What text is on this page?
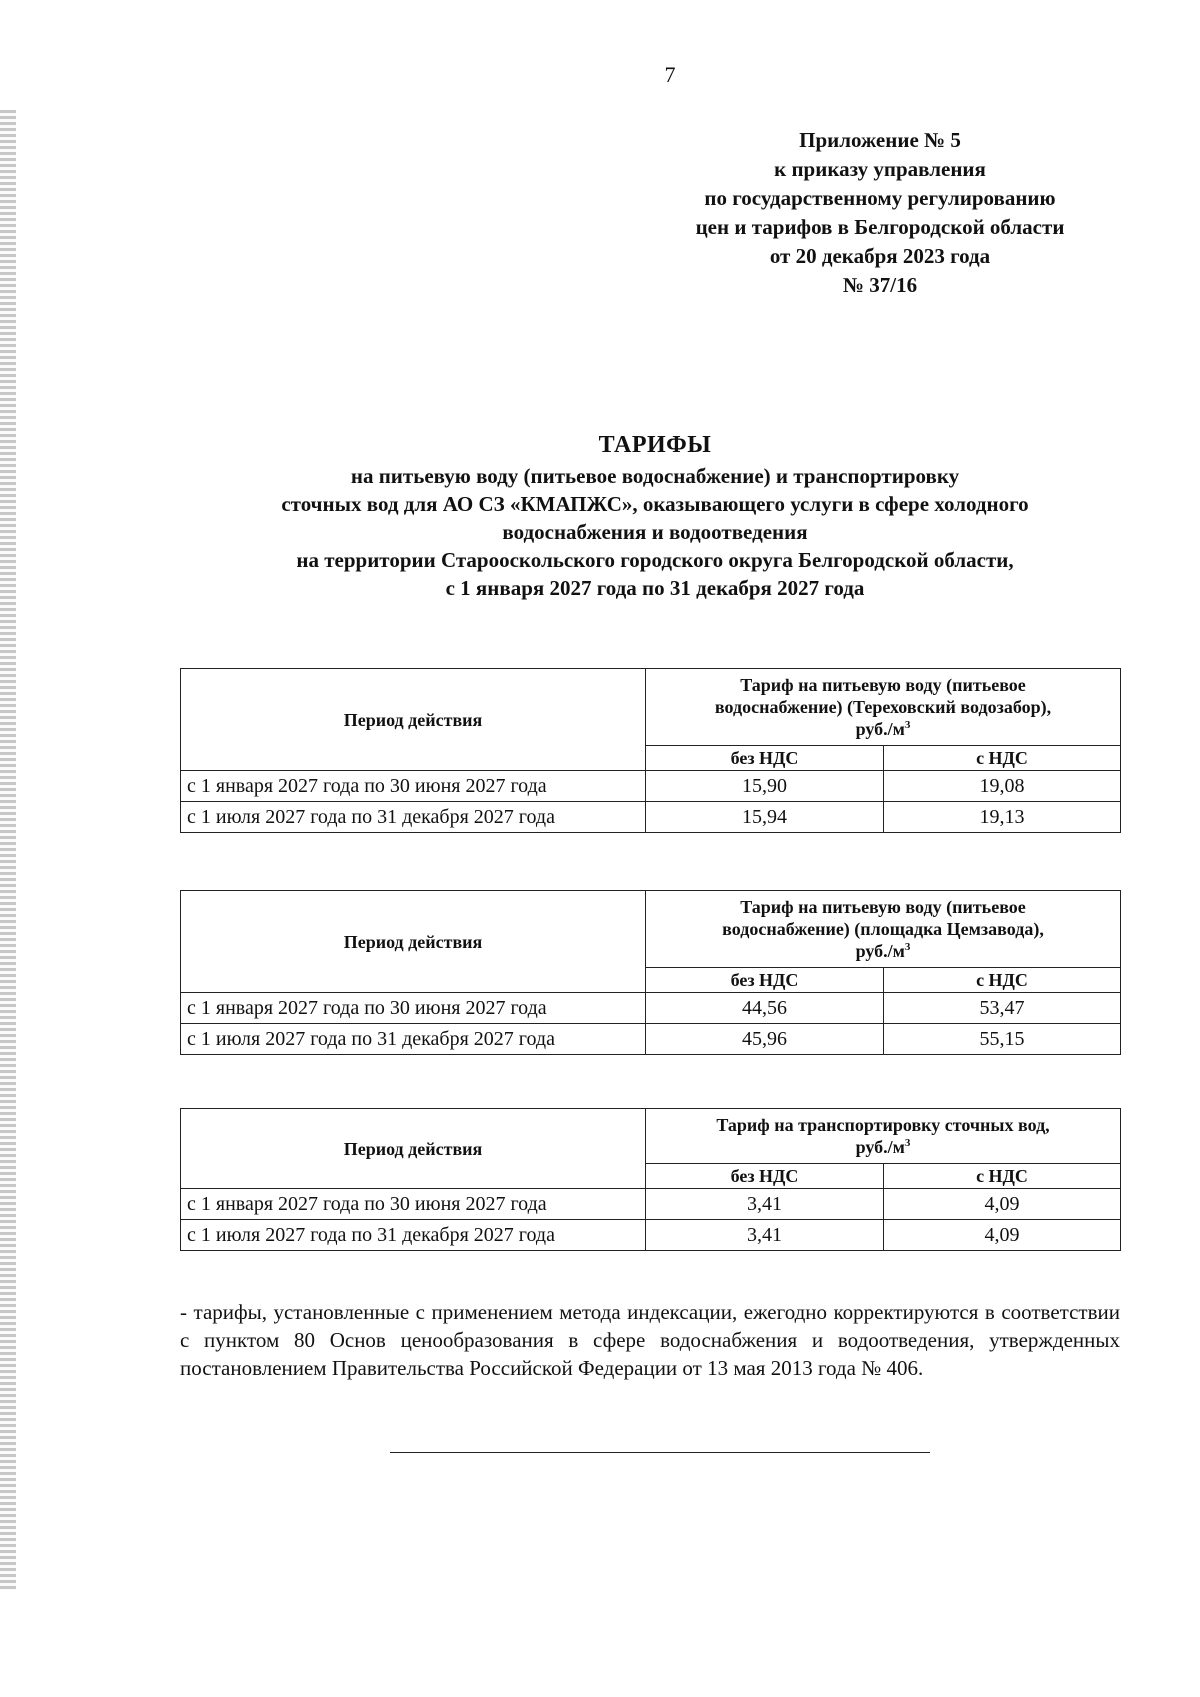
7
Приложение № 5
к приказу управления
по государственному регулированию
цен и тарифов в Белгородской области
от 20 декабря 2023 года
№ 37/16
ТАРИФЫ
на питьевую воду (питьевое водоснабжение) и транспортировку
сточных вод для АО СЗ «КМАПЖС», оказывающего услуги в сфере холодного
водоснабжения и водоотведения
на территории Старооскольского городского округа Белгородской области,
с 1 января 2027 года по 31 декабря 2027 года
Период действия	Тариф на питьевую воду (питьевое
водоснабжение) (Тереховский водозабор),
$руб./м^3$

	без НДС	с НДС
с 1 января 2027 года по 30 июня 2027 года	15,90	19,08
с 1 июля 2027 года по 31 декабря 2027 года	15,94	19,13
Период действия	Тариф на питьевую воду (питьевое
водоснабжение) (площадка Цемзавода),
$руб./м^3$

	без НДС	с НДС
с 1 января 2027 года по 30 июня 2027 года	44,56	53,47
с 1 июля 2027 года по 31 декабря 2027 года	45,96	55,15
Период действия	Тариф на транспортировку сточных вод,
$руб./м^3$

	без НДС	с НДС
с 1 января 2027 года по 30 июня 2027 года	3,41	4,09
с 1 июля 2027 года по 31 декабря 2027 года	3,41	4,09
- тарифы, установленные с применением метода индексации, ежегодно корректируются в соответствии с пунктом 80 Основ ценообразования в сфере водоснабжения и водоотведения, утвержденных постановлением Правительства Российской Федерации от 13 мая 2013 года № 406.
